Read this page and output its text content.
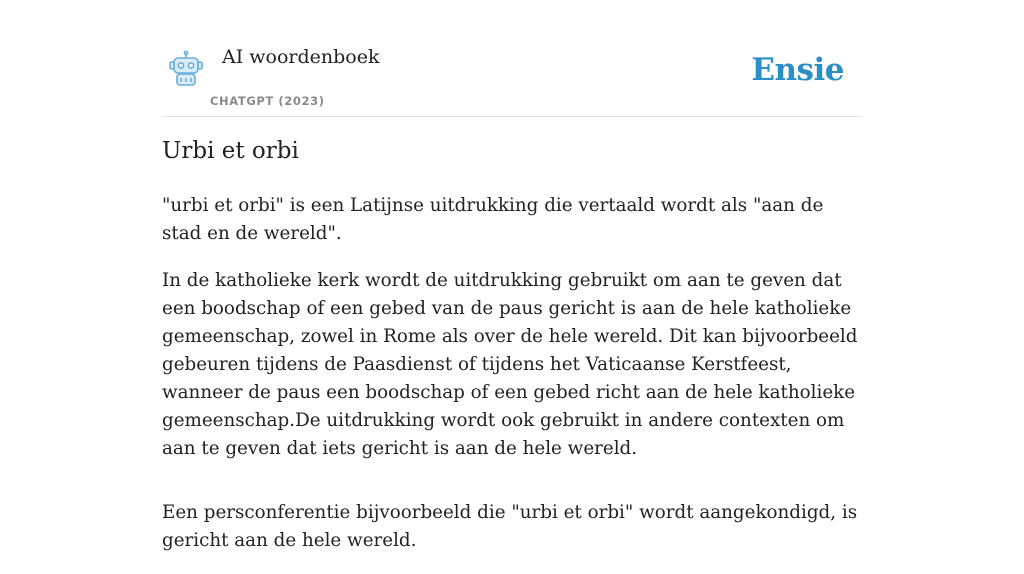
AI woordenboek
CHATGPT (2023)
Ensie
Urbi et orbi

"urbi et orbi" is een Latijnse uitdrukking die vertaald wordt als "aan de stad en de wereld".

In de katholieke kerk wordt de uitdrukking gebruikt om aan te geven dat een boodschap of een gebed van de paus gericht is aan de hele katholieke gemeenschap, zowel in Rome als over de hele wereld. Dit kan bijvoorbeeld gebeuren tijdens de Paasdienst of tijdens het Vaticaanse Kerstfeest, wanneer de paus een boodschap of een gebed richt aan de hele katholieke gemeenschap.De uitdrukking wordt ook gebruikt in andere contexten om aan te geven dat iets gericht is aan de hele wereld.

Een persconferentie bijvoorbeeld die "urbi et orbi" wordt aangekondigd, is gericht aan de hele wereld.
